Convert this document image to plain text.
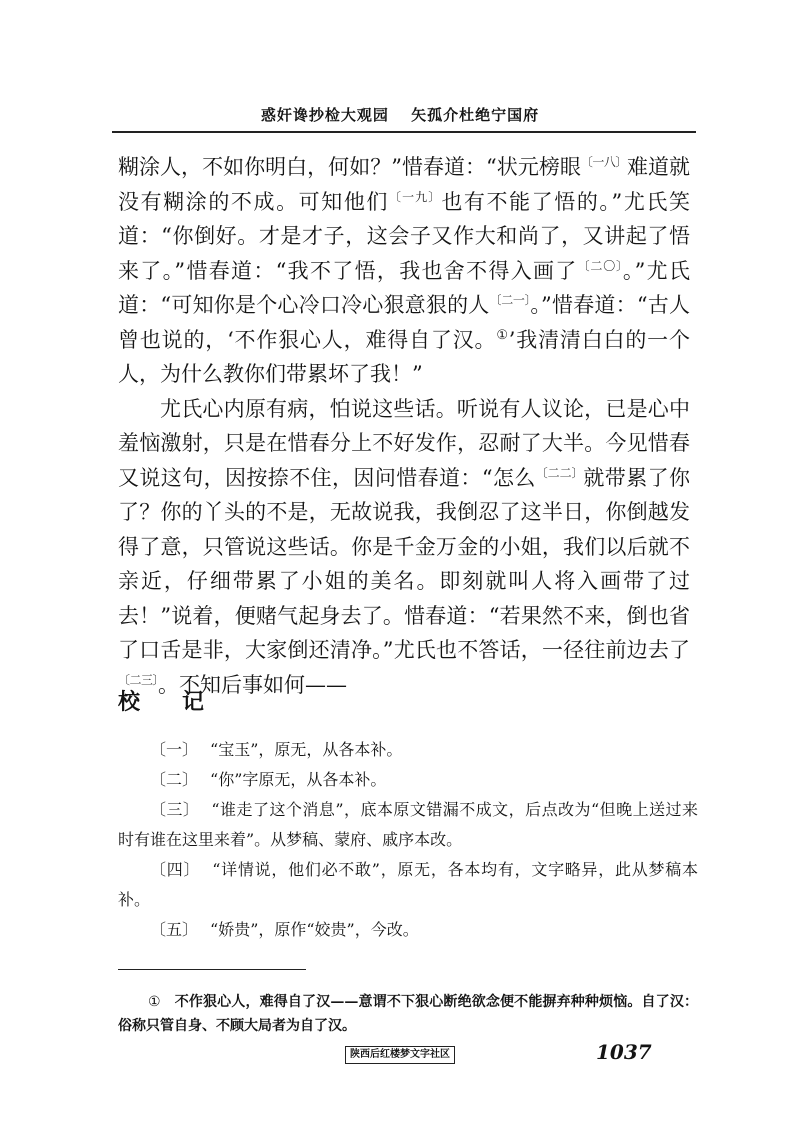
惑奸谗抄检大观园 矢孤介杜绝宁国府

糊涂人，不如你明白，何如？”惜春道：“状元榜眼$^{〔一八〕}$难道就没有糊涂的不成。可知他们$^{〔一九〕}$也有不能了悟的。”尤氏笑道：“你倒好。才是才子，这会子又作大和尚了，又讲起了悟来了。”惜春道：“我不了悟，我也舍不得入画了$^{〔二〇〕}$。”尤氏道：“可知你是个心冷口冷心狠意狠的人$^{〔二一〕}$。”惜春道：“古人曾也说的，‘不作狠心人，难得自了汉。①’我清清白白的一个人，为什么教你们带累坏了我！”

尤氏心内原有病，怕说这些话。听说有人议论，已是心中羞恼激射，只是在惜春分上不好发作，忍耐了大半。今见惜春又说这句，因按捺不住，因问惜春道：“怎么$^{〔二二〕}$就带累了你了？你的丫头的不是，无故说我，我倒忍了这半日，你倒越发得了意，只管说这些话。你是千金万金的小姐，我们以后就不亲近，仔细带累了小姐的美名。即刻就叫人将入画带了过去！”说着，便赌气起身去了。惜春道：“若果然不来，倒也省了口舌是非，大家倒还清净。”尤氏也不答话，一径往前边去了$^{〔二三〕}$。不知后事如何——

校 记

〔一〕 “宝玉”，原无，从各本补。

〔二〕 “你”字原无，从各本补。

〔三〕 “谁走了这个消息”，底本原文错漏不成文，后点改为“但晚上送过来时有谁在这里来着”。从梦稿、蒙府、戚序本改。

〔四〕 “详情说，他们必不敢”，原无，各本均有，文字略异，此从梦稿本补。

〔五〕 “娇贵”，原作“姣贵”，今改。

① 不作狠心人，难得自了汉——意谓不下狠心断绝欲念便不能摒弃种种烦恼。自了汉：俗称只管自身、不顾大局者为自了汉。

陕西后红楼梦文字社区	1037
